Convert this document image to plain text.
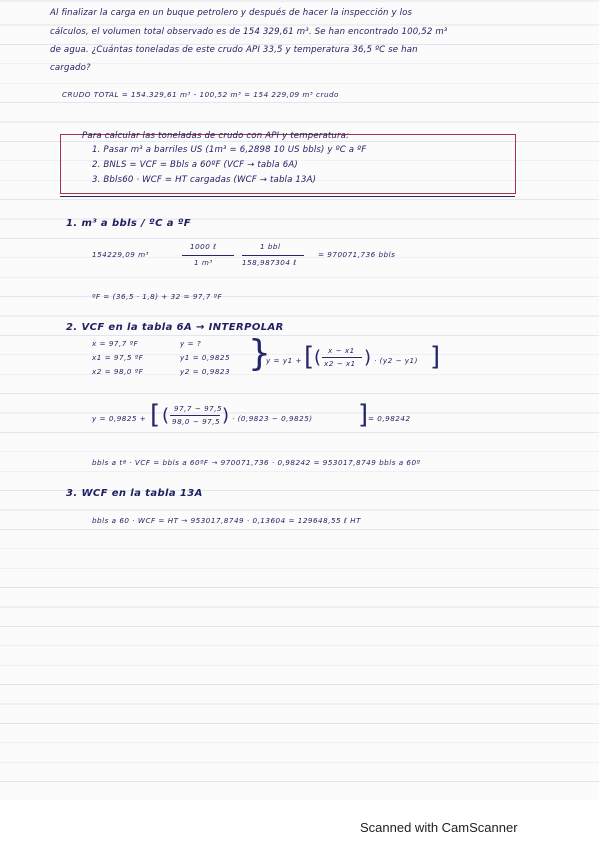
Al finalizar la carga en un buque petrolero y después de hacer la inspección y los
cálculos, el volumen total observado es de 154 329,61 m³. Se han encontrado 100,52 m³
de agua. ¿Cuántas toneladas de este crudo API 33,5 y temperatura 36,5 ºC se han
cargado?
CRUDO TOTAL = 154.329,61 m³ - 100,52 m³ = 154 229,09 m³ crudo
Para calcular las toneladas de crudo con API y temperatura:
1. Pasar m³ a barriles US (1m³ = 6,2898 10 US bbls) y ºC a ºF
2. BNLS = VCF = Bbls a 60ºF (VCF → tabla 6A)
3. Bbls60 · WCF = HT cargadas (WCF → tabla 13A)
1. m³ a bbls / ºC a ºF
154229,09 m³
1000 ℓ
1 m³
1 bbl
158,987304 ℓ
= 970071,736 bbls
ºF = (36,5 · 1,8) + 32 = 97,7 ºF
2. VCF en la tabla 6A → INTERPOLAR
x = 97,7 ºF
x1 = 97,5 ºF
x2 = 98,0 ºF
y = ?
y1 = 0,9825
y2 = 0,9823 }
y = y1 + [ ( x − x1
x2 − x1 ) · (y2 − y1) ]
y = 0,9825 + [ ( 97,7 − 97,5
98,0 − 97,5 ) · (0,9823 − 0,9825) ] = 0,98242
bbls a tª · VCF = bbls a 60ºF → 970071,736 · 0,98242 = 953017,8749 bbls a 60º
3. WCF en la tabla 13A
bbls a 60 · WCF = HT → 953017,8749 · 0,13604 = 129648,55 ℓ HT
Scanned with CamScanner
